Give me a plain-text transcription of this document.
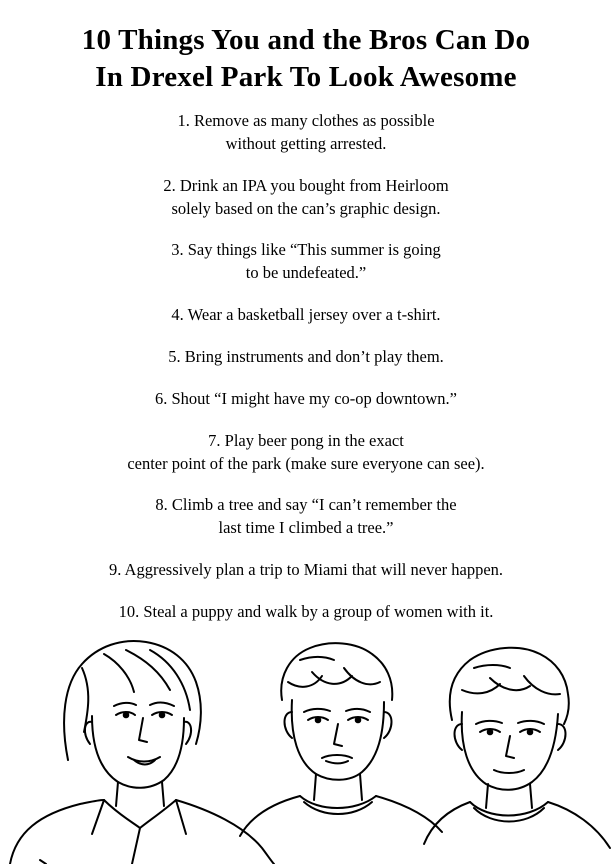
10 Things You and the Bros Can Do
In Drexel Park To Look Awesome
1. Remove as many clothes as possible
without getting arrested.
2. Drink an IPA you bought from Heirloom
solely based on the can’s graphic design.
3. Say things like “This summer is going
to be undefeated.”
4. Wear a basketball jersey over a t-shirt.
5. Bring instruments and don’t play them.
6. Shout “I might have my co-op downtown.”
7. Play beer pong in the exact
center point of the park (make sure everyone can see).
8. Climb a tree and say “I can’t remember the
last time I climbed a tree.”
9. Aggressively plan a trip to Miami that will never happen.
10. Steal a puppy and walk by a group of women with it.
